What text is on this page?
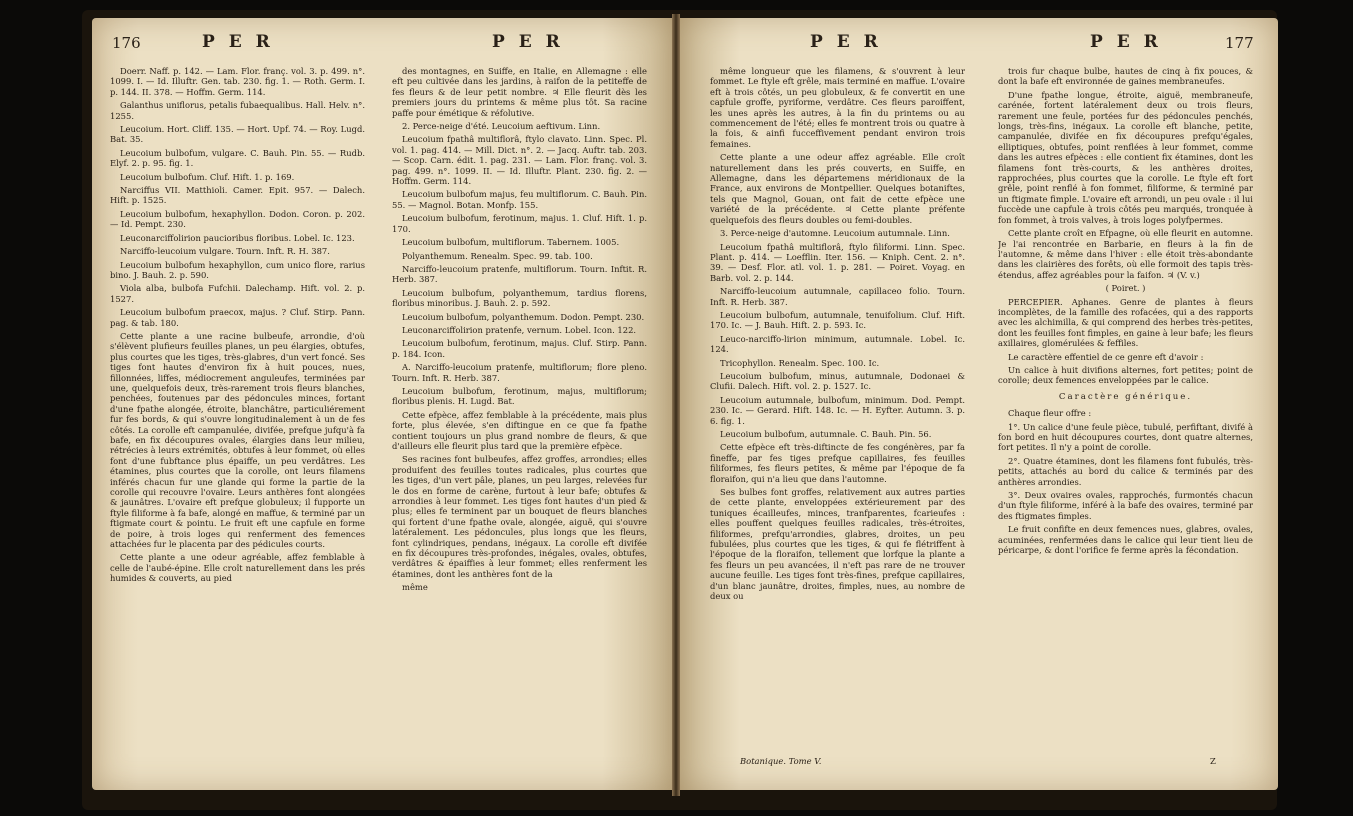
176	P E R	P E R

Doerr. Naff. p. 142. — Lam. Flor. franç. vol. 3. p. 499. n°. 1099. I. — Id. Illuftr. Gen. tab. 230. fig. 1. — Roth. Germ. I. p. 144. II. 378. — Hoffm. Germ. 114.

Galanthus uniflorus, petalis fubaequalibus. Hall. Helv. n°. 1255.

Leucoium. Hort. Cliff. 135. — Hort. Upf. 74. — Roy. Lugd. Bat. 35.

Leucoium bulbofum, vulgare. C. Bauh. Pin. 55. — Rudb. Elyf. 2. p. 95. fig. 1.

Leucoium bulbofum. Cluf. Hift. 1. p. 169.

Narciffus VII. Matthioli. Camer. Epit. 957. — Dalech. Hift. p. 1525.

Leucoium bulbofum, hexaphyllon. Dodon. Coron. p. 202. — Id. Pempt. 230.

Leuconarciffolirion paucioribus floribus. Lobel. Ic. 123.

Narciffo-leucoium vulgare. Tourn. Inft. R. H. 387.

Leucoium bulbofum hexaphyllon, cum unico flore, rarius bino. J. Bauh. 2. p. 590.

Viola alba, bulbofa Fufchii. Dalechamp. Hift. vol. 2. p. 1527.

Leucoium bulbofum praecox, majus. ? Cluf. Stirp. Pann. pag. & tab. 180.

Cette plante a une racine bulbeufe, arrondie, d'où s'élèvent plufieurs feuilles planes, un peu élargies, obtufes, plus courtes que les tiges, très-glabres, d'un vert foncé. Ses tiges font hautes d'environ fix à huit pouces, nues, fillonnées, liffes, médiocrement anguleufes, terminées par une, quelquefois deux, très-rarement trois fleurs blanches, penchées, foutenues par des pédoncules minces, fortant d'une fpathe alongée, étroite, blanchâtre, particuliérement fur fes bords, & qui s'ouvre longitudinalement à un de fes côtés. La corolle eft campanulée, divifée, prefque jufqu'à fa bafe, en fix découpures ovales, élargies dans leur milieu, rétrécies à leurs extrémités, obtufes à leur fommet, où elles font d'une fubftance plus épaiffe, un peu verdâtres. Les étamines, plus courtes que la corolle, ont leurs filamens inférés chacun fur une glande qui forme la partie de la corolle qui recouvre l'ovaire. Leurs anthères font alongées & jaunâtres. L'ovaire eft prefque globuleux; il fupporte un ftyle filiforme à fa bafe, alongé en maffue, & terminé par un ftigmate court & pointu. Le fruit eft une capfule en forme de poire, à trois loges qui renferment des femences attachées fur le placenta par des pédicules courts.

Cette plante a une odeur agréable, affez femblable à celle de l'aubé-épine. Elle croît naturellement dans les prés humides & couverts, au pied

des montagnes, en Suiffe, en Italie, en Allemagne : elle eft peu cultivée dans les jardins, à raifon de la petiteffe de fes fleurs & de leur petit nombre. ♃ Elle fleurit dès les premiers jours du printems & même plus tôt. Sa racine paffe pour émétique & réfolutive.

2. Perce-neige d'été. Leucoium aeftivum. Linn.

Leucoium fpathâ multiflorâ, ftylo clavato. Linn. Spec. Pl. vol. 1. pag. 414. — Mill. Dict. n°. 2. — Jacq. Auftr. tab. 203. — Scop. Carn. édit. 1. pag. 231. — Lam. Flor. franç. vol. 3. pag. 499. n°. 1099. II. — Id. Illuftr. Plant. 230. fig. 2. — Hoffm. Germ. 114.

Leucoium bulbofum majus, feu multiflorum. C. Bauh. Pin. 55. — Magnol. Botan. Monfp. 155.

Leucoium bulbofum, ferotinum, majus. 1. Cluf. Hift. 1. p. 170.

Leucoium bulbofum, multiflorum. Tabernem. 1005.

Polyanthemum. Renealm. Spec. 99. tab. 100.

Narciffo-leucoium pratenfe, multiflorum. Tourn. Inftit. R. Herb. 387.

Leucoium bulbofum, polyanthemum, tardius florens, floribus minoribus. J. Bauh. 2. p. 592.

Leucoium bulbofum, polyanthemum. Dodon. Pempt. 230.

Leuconarciffolirion pratenfe, vernum. Lobel. Icon. 122.

Leucoium bulbofum, ferotinum, majus. Cluf. Stirp. Pann. p. 184. Icon.

A. Narciffo-leucoium pratenfe, multiflorum; flore pleno. Tourn. Inft. R. Herb. 387.

Leucoium bulbofum, ferotinum, majus, multiflorum; floribus plenis. H. Lugd. Bat.

Cette efpèce, affez femblable à la précédente, mais plus forte, plus élevée, s'en diftingue en ce que fa fpathe contient toujours un plus grand nombre de fleurs, & que d'ailleurs elle fleurit plus tard que la première efpèce.

Ses racines font bulbeufes, affez groffes, arrondies; elles produifent des feuilles toutes radicales, plus courtes que les tiges, d'un vert pâle, planes, un peu larges, relevées fur le dos en forme de carène, furtout à leur bafe; obtufes & arrondies à leur fommet. Les tiges font hautes d'un pied & plus; elles fe terminent par un bouquet de fleurs blanches qui fortent d'une fpathe ovale, alongée, aiguë, qui s'ouvre latéralement. Les pédoncules, plus longs que les fleurs, font cylindriques, pendans, inégaux. La corolle eft divifée en fix découpures très-profondes, inégales, ovales, obtufes, verdâtres & épaiffies à leur fommet; elles renferment les étamines, dont les anthères font de la

même

P E R	P E R	177

même longueur que les filamens, & s'ouvrent à leur fommet. Le ftyle eft grêle, mais terminé en maffue. L'ovaire eft à trois côtés, un peu globuleux, & fe convertit en une capfule groffe, pyriforme, verdâtre. Ces fleurs paroiffent, les unes après les autres, à la fin du printems ou au commencement de l'été; elles fe montrent trois ou quatre à la fois, & ainfi fucceffivement pendant environ trois femaines.

Cette plante a une odeur affez agréable. Elle croît naturellement dans les prés couverts, en Suiffe, en Allemagne, dans les départemens méridionaux de la France, aux environs de Montpellier. Quelques botaniftes, tels que Magnol, Gouan, ont fait de cette efpèce une variété de la précédente. ♃ Cette plante préfente quelquefois des fleurs doubles ou femi-doubles.

3. Perce-neige d'automne. Leucoium autumnale. Linn.

Leucoium fpathâ multiflorâ, ftylo filiformi. Linn. Spec. Plant. p. 414. — Loefflin. Iter. 156. — Kniph. Cent. 2. n°. 39. — Desf. Flor. atl. vol. 1. p. 281. — Poiret. Voyag. en Barb. vol. 2. p. 144.

Narciffo-leucoium autumnale, capillaceo folio. Tourn. Inft. R. Herb. 387.

Leucoium bulbofum, autumnale, tenuifolium. Cluf. Hift. 170. Ic. — J. Bauh. Hift. 2. p. 593. Ic.

Leuco-narciffo-lirion minimum, autumnale. Lobel. Ic. 124.

Tricophyllon. Renealm. Spec. 100. Ic.

Leucoium bulbofum, minus, autumnale, Dodonaei & Clufii. Dalech. Hift. vol. 2. p. 1527. Ic.

Leucoium autumnale, bulbofum, minimum. Dod. Pempt. 230. Ic. — Gerard. Hift. 148. Ic. — H. Eyfter. Autumn. 3. p. 6. fig. 1.

Leucoium bulbofum, autumnale. C. Bauh. Pin. 56.

Cette efpèce eft très-diftincte de fes congénères, par fa fineffe, par fes tiges prefque capillaires, fes feuilles filiformes, fes fleurs petites, & même par l'époque de fa floraifon, qui n'a lieu que dans l'automne.

Ses bulbes font groffes, relativement aux autres parties de cette plante, enveloppées extérieurement par des tuniques écailleufes, minces, tranfparentes, fcarieufes : elles pouffent quelques feuilles radicales, très-étroites, filiformes, prefqu'arrondies, glabres, droites, un peu fubulées, plus courtes que les tiges, & qui fe flétriffent à l'époque de la floraifon, tellement que lorfque la plante a fes fleurs un peu avancées, il n'eft pas rare de ne trouver aucune feuille. Les tiges font très-fines, prefque capillaires, d'un blanc jaunâtre, droites, fimples, nues, au nombre de deux ou

Botanique. Tome V.

trois fur chaque bulbe, hautes de cinq à fix pouces, & dont la bafe eft environnée de gaines membraneufes.

D'une fpathe longue, étroite, aiguë, membraneufe, carénée, fortent latéralement deux ou trois fleurs, rarement une feule, portées fur des pédoncules penchés, longs, très-fins, inégaux. La corolle eft blanche, petite, campanulée, divifée en fix découpures prefqu'égales, elliptiques, obtufes, point renflées à leur fommet, comme dans les autres efpèces : elle contient fix étamines, dont les filamens font très-courts, & les anthères droites, rapprochées, plus courtes que la corolle. Le ftyle eft fort grêle, point renflé à fon fommet, filiforme, & terminé par un ftigmate fimple. L'ovaire eft arrondi, un peu ovale : il lui fuccède une capfule à trois côtés peu marqués, tronquée à fon fommet, à trois valves, à trois loges polyfpermes.

Cette plante croît en Efpagne, où elle fleurit en automne. Je l'ai rencontrée en Barbarie, en fleurs à la fin de l'automne, & même dans l'hiver : elle étoit très-abondante dans les clairières des forêts, où elle formoit des tapis très-étendus, affez agréables pour la faifon. ♃ (V. v.)

( Poiret. )

PERCEPIER. Aphanes. Genre de plantes à fleurs incomplètes, de la famille des rofacées, qui a des rapports avec les alchimilla, & qui comprend des herbes très-petites, dont les feuilles font fimples, en gaine à leur bafe; les fleurs axillaires, glomérulées & feffiles.

Le caractère effentiel de ce genre eft d'avoir :

Un calice à huit divifions alternes, fort petites; point de corolle; deux femences enveloppées par le calice.

Caractère générique.

Chaque fleur offre :

1°. Un calice d'une feule pièce, tubulé, perfiftant, divifé à fon bord en huit découpures courtes, dont quatre alternes, fort petites. Il n'y a point de corolle.

2°. Quatre étamines, dont les filamens font fubulés, très-petits, attachés au bord du calice & terminés par des anthères arrondies.

3°. Deux ovaires ovales, rapprochés, furmontés chacun d'un ftyle filiforme, inféré à la bafe des ovaires, terminé par des ftigmates fimples.

Le fruit confifte en deux femences nues, glabres, ovales, acuminées, renfermées dans le calice qui leur tient lieu de péricarpe, & dont l'orifice fe ferme après la fécondation.

Z
